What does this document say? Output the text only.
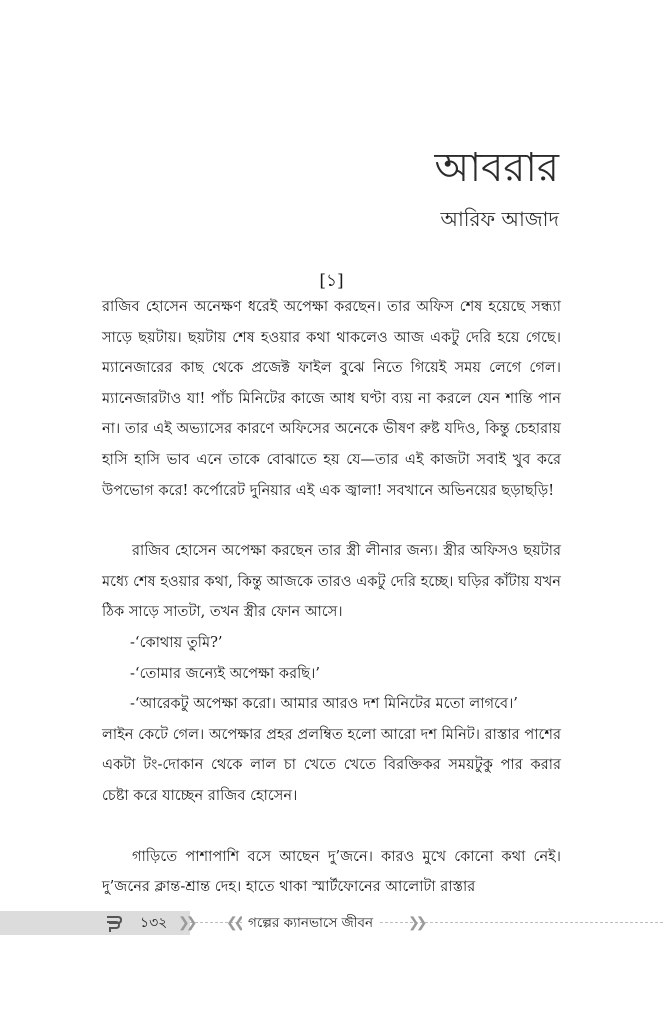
আবরার
আরিফ আজাদ
[১]

রাজিব হোসেন অনেক্ষণ ধরেই অপেক্ষা করছেন। তার অফিস শেষ হয়েছে সন্ধ্যা সাড়ে ছয়টায়। ছয়টায় শেষ হওয়ার কথা থাকলেও আজ একটু দেরি হয়ে গেছে। ম্যানেজারের কাছ থেকে প্রজেক্ট ফাইল বুঝে নিতে গিয়েই সময় লেগে গেল। ম্যানেজারটাও যা! পাঁচ মিনিটের কাজে আধ ঘণ্টা ব্যয় না করলে যেন শান্তি পান না। তার এই অভ্যাসের কারণে অফিসের অনেকে ভীষণ রুষ্ট যদিও, কিন্তু চেহারায় হাসি হাসি ভাব এনে তাকে বোঝাতে হয় যে—তার এই কাজটা সবাই খুব করে উপভোগ করে! কর্পোরেট দুনিয়ার এই এক জ্বালা! সবখানে অভিনয়ের ছড়াছড়ি!

রাজিব হোসেন অপেক্ষা করছেন তার স্ত্রী লীনার জন্য। স্ত্রীর অফিসও ছয়টার মধ্যে শেষ হওয়ার কথা, কিন্তু আজকে তারও একটু দেরি হচ্ছে। ঘড়ির কাঁটায় যখন ঠিক সাড়ে সাতটা, তখন স্ত্রীর ফোন আসে।

-‘কোথায় তুমি?’

-‘তোমার জন্যেই অপেক্ষা করছি।’

-‘আরেকটু অপেক্ষা করো। আমার আরও দশ মিনিটের মতো লাগবে।’

লাইন কেটে গেল। অপেক্ষার প্রহর প্রলম্বিত হলো আরো দশ মিনিট। রাস্তার পাশের একটা টং-দোকান থেকে লাল চা খেতে খেতে বিরক্তিকর সময়টুকু পার করার চেষ্টা করে যাচ্ছেন রাজিব হোসেন।

গাড়িতে পাশাপাশি বসে আছেন দু’জনে। কারও মুখে কোনো কথা নেই। দু’জনের ক্লান্ত-শ্রান্ত দেহ। হাতে থাকা স্মার্টফোনের আলোটা রাস্তার

১৩২ ❯❯ ❮❮ গল্পের ক্যানভাসে জীবন	❯❯
